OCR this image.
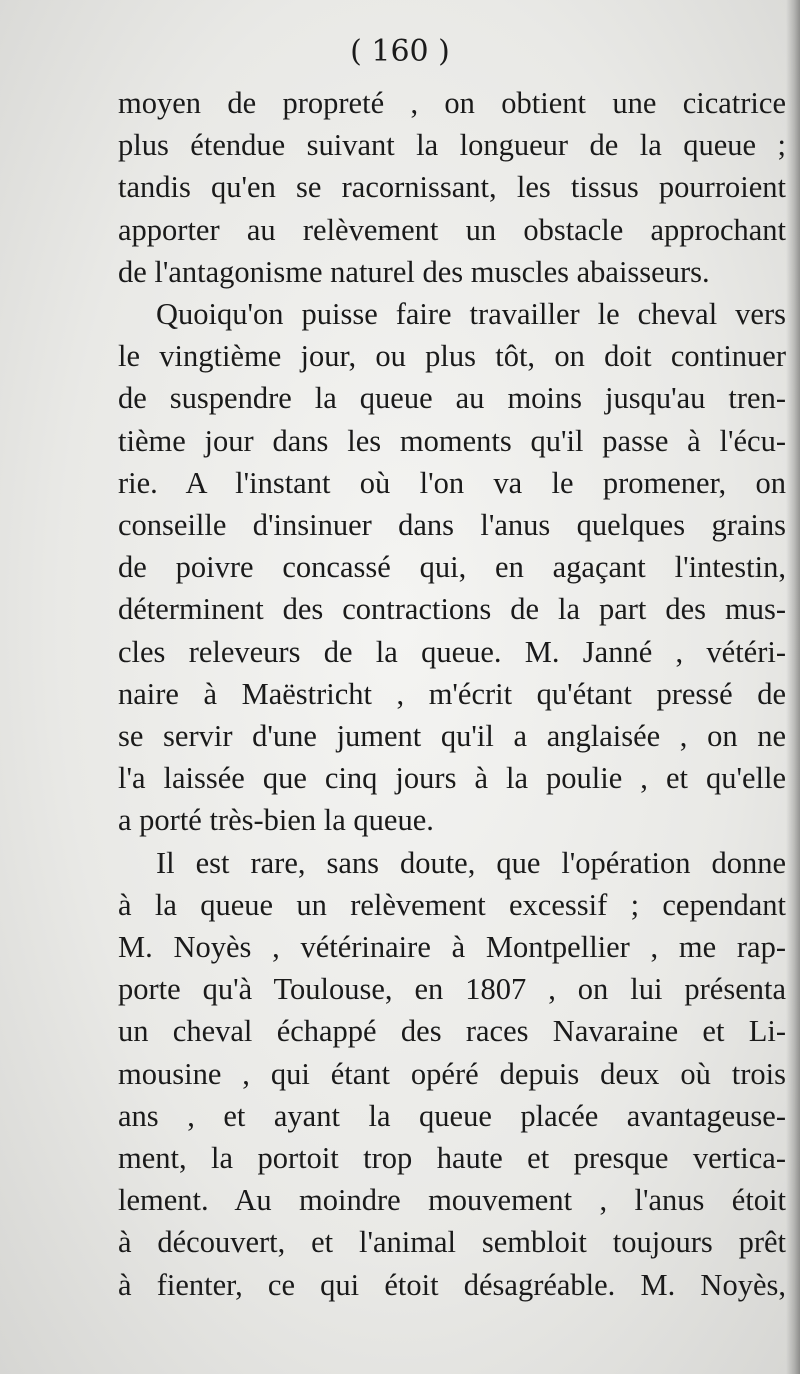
( 160 )

moyen de propreté , on obtient une cicatrice
plus étendue suivant la longueur de la queue ;
tandis qu'en se racornissant, les tissus pourroient
apporter au relèvement un obstacle approchant
de l'antagonisme naturel des muscles abaisseurs.

Quoiqu'on puisse faire travailler le cheval vers
le vingtième jour, ou plus tôt, on doit continuer
de suspendre la queue au moins jusqu'au tren-
tième jour dans les moments qu'il passe à l'écu-
rie. A l'instant où l'on va le promener, on
conseille d'insinuer dans l'anus quelques grains
de poivre concassé qui, en agaçant l'intestin,
déterminent des contractions de la part des mus-
cles releveurs de la queue. M. Janné , vétéri-
naire à Maëstricht , m'écrit qu'étant pressé de
se servir d'une jument qu'il a anglaisée , on ne
l'a laissée que cinq jours à la poulie , et qu'elle
a porté très-bien la queue.

Il est rare, sans doute, que l'opération donne
à la queue un relèvement excessif ; cependant
M. Noyès , vétérinaire à Montpellier , me rap-
porte qu'à Toulouse, en 1807 , on lui présenta
un cheval échappé des races Navaraine et Li-
mousine , qui étant opéré depuis deux où trois
ans , et ayant la queue placée avantageuse-
ment, la portoit trop haute et presque vertica-
lement. Au moindre mouvement , l'anus étoit
à découvert, et l'animal sembloit toujours prêt
à fienter, ce qui étoit désagréable. M. Noyès,
